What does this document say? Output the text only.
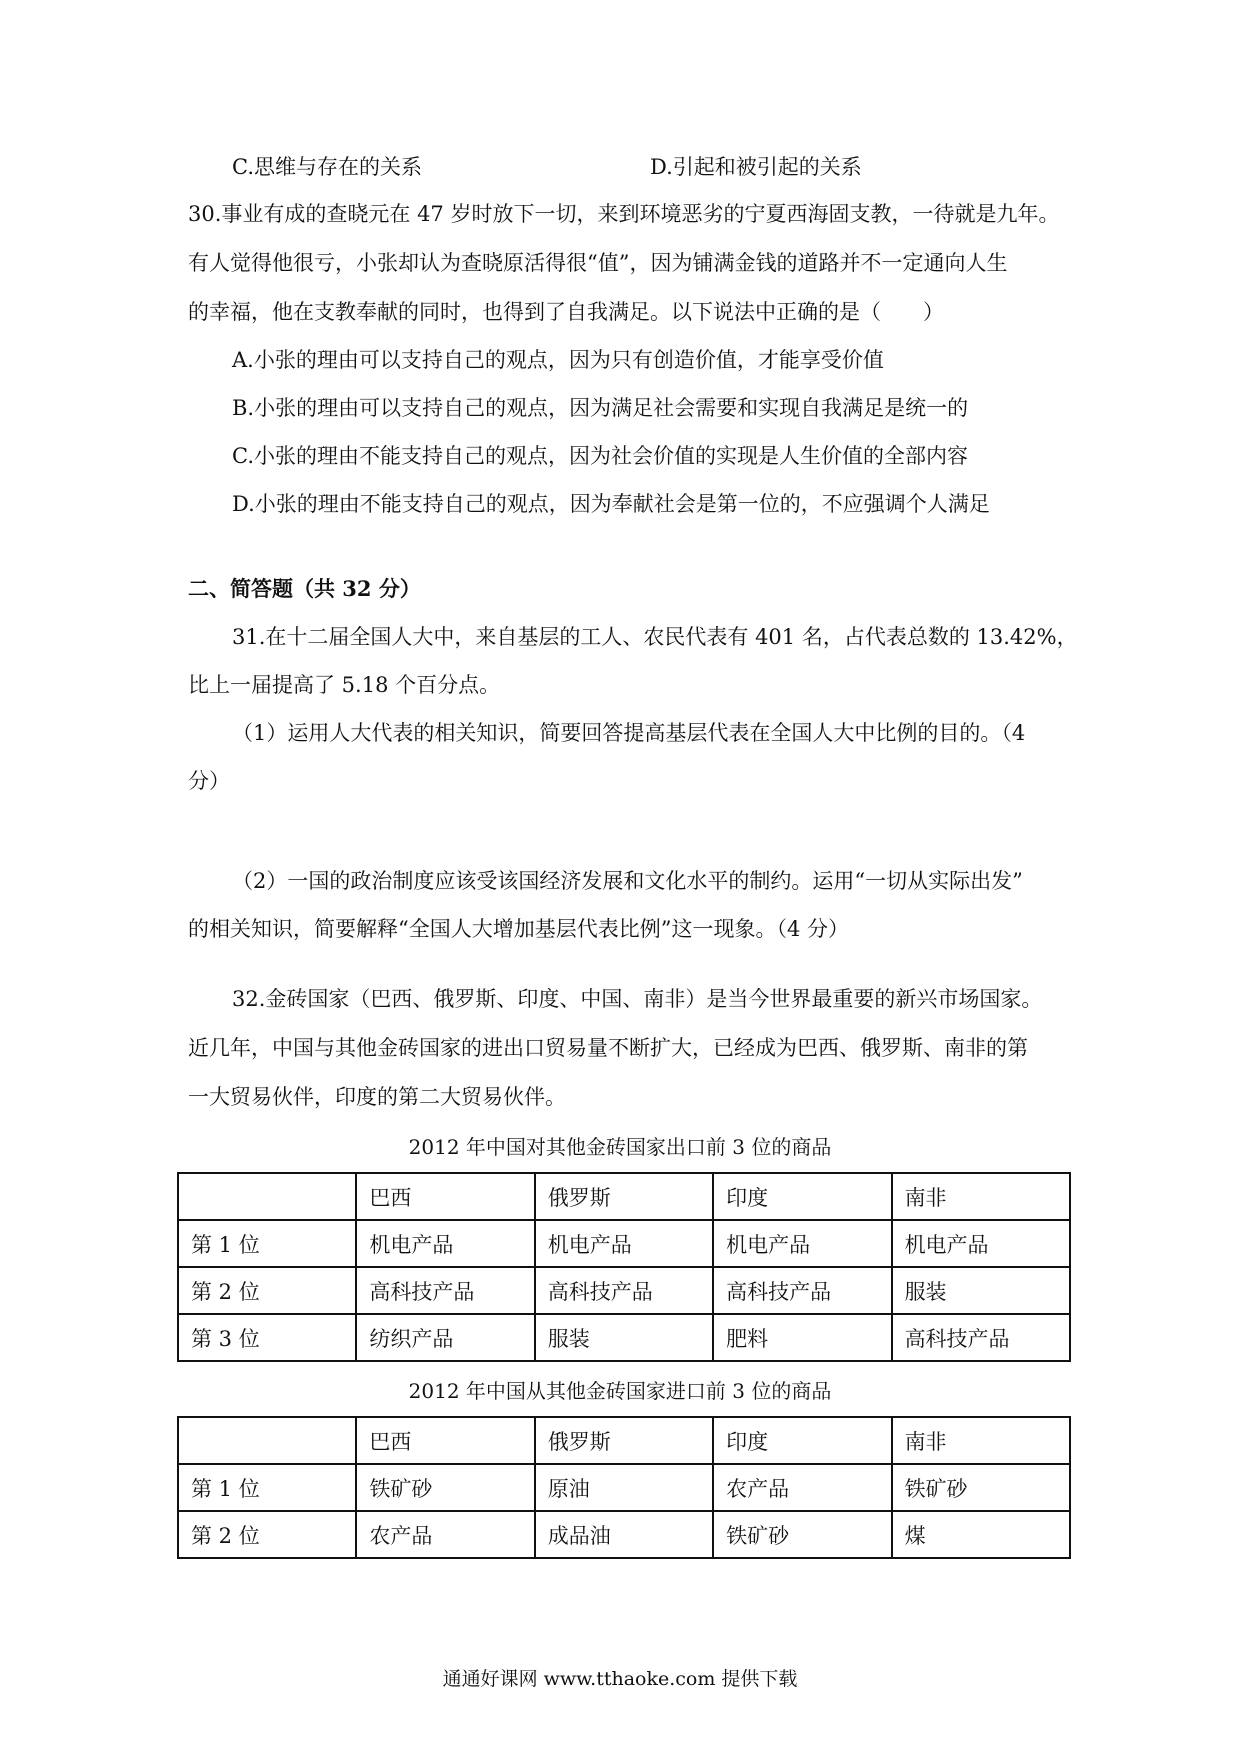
C.思维与存在的关系	D.引起和被引起的关系
30.事业有成的查晓元在 47 岁时放下一切，来到环境恶劣的宁夏西海固支教，一待就是九年。
有人觉得他很亏，小张却认为查晓原活得很“值”，因为铺满金钱的道路并不一定通向人生
的幸福，他在支教奉献的同时，也得到了自我满足。以下说法中正确的是（　　）
A.小张的理由可以支持自己的观点，因为只有创造价值，才能享受价值
B.小张的理由可以支持自己的观点，因为满足社会需要和实现自我满足是统一的
C.小张的理由不能支持自己的观点，因为社会价值的实现是人生价值的全部内容
D.小张的理由不能支持自己的观点，因为奉献社会是第一位的，不应强调个人满足
二、简答题（共 32 分）
31.在十二届全国人大中，来自基层的工人、农民代表有 401 名，占代表总数的 13.42%，
比上一届提高了 5.18 个百分点。
（1）运用人大代表的相关知识，简要回答提高基层代表在全国人大中比例的目的。（4
分）
（2）一国的政治制度应该受该国经济发展和文化水平的制约。运用“一切从实际出发”
的相关知识，简要解释“全国人大增加基层代表比例”这一现象。（4 分）
32.金砖国家（巴西、俄罗斯、印度、中国、南非）是当今世界最重要的新兴市场国家。
近几年，中国与其他金砖国家的进出口贸易量不断扩大，已经成为巴西、俄罗斯、南非的第
一大贸易伙伴，印度的第二大贸易伙伴。
2012 年中国对其他金砖国家出口前 3 位的商品
	巴西	俄罗斯	印度	南非
第 1 位	机电产品	机电产品	机电产品	机电产品
第 2 位	高科技产品	高科技产品	高科技产品	服装
第 3 位	纺织产品	服装	肥料	高科技产品
2012 年中国从其他金砖国家进口前 3 位的商品
	巴西	俄罗斯	印度	南非
第 1 位	铁矿砂	原油	农产品	铁矿砂
第 2 位	农产品	成品油	铁矿砂	煤
通通好课网 www.tthaoke.com 提供下载
